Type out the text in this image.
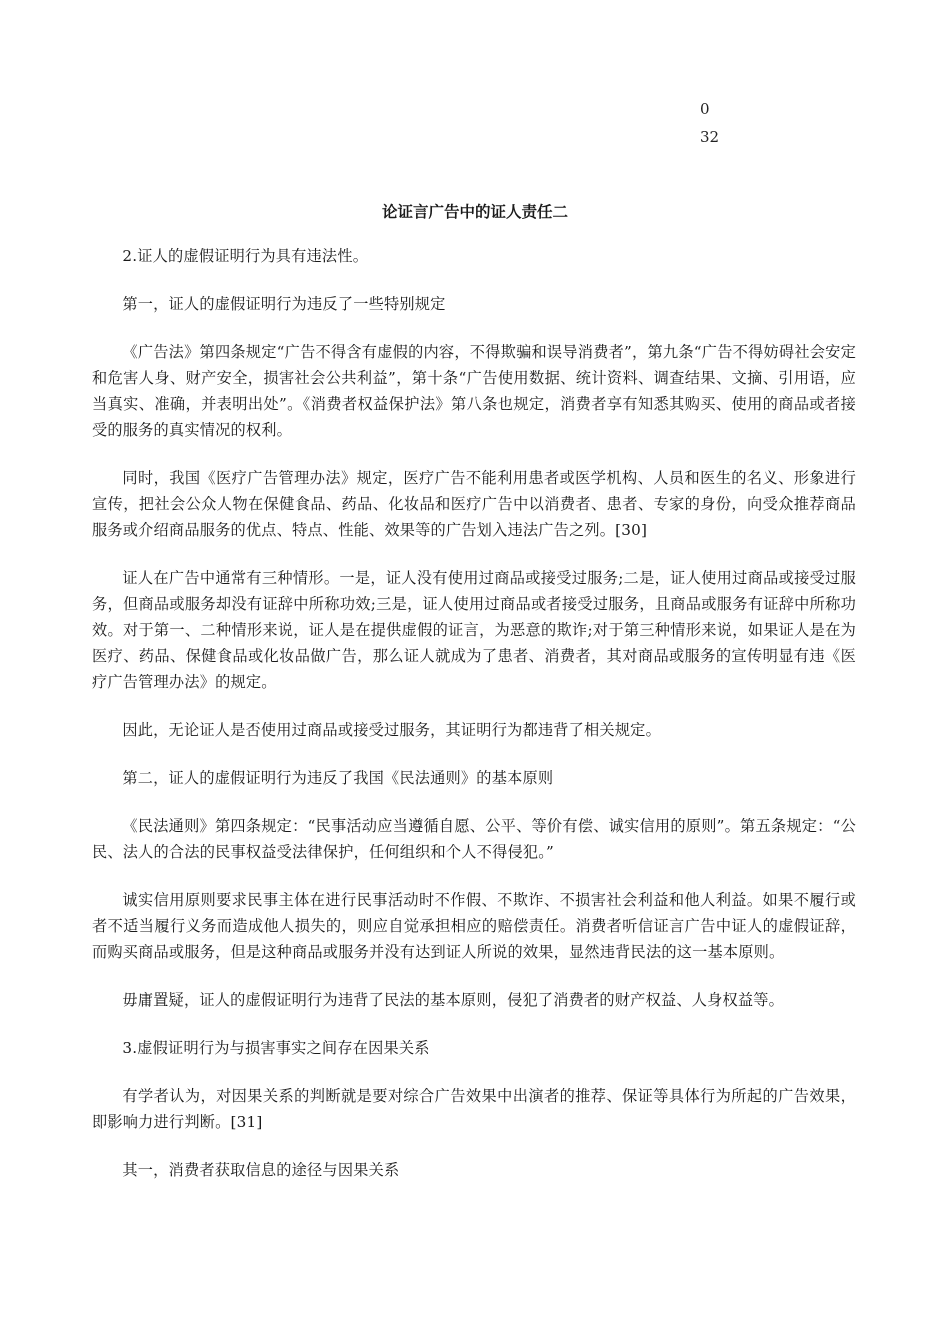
0
32
论证言广告中的证人责任二

2.证人的虚假证明行为具有违法性。

第一，证人的虚假证明行为违反了一些特别规定

《广告法》第四条规定“广告不得含有虚假的内容，不得欺骗和误导消费者”，第九条“广告不得妨碍社会安定和危害人身、财产安全，损害社会公共利益”，第十条“广告使用数据、统计资料、调查结果、文摘、引用语，应当真实、准确，并表明出处”。《消费者权益保护法》第八条也规定，消费者享有知悉其购买、使用的商品或者接受的服务的真实情况的权利。

同时，我国《医疗广告管理办法》规定，医疗广告不能利用患者或医学机构、人员和医生的名义、形象进行宣传，把社会公众人物在保健食品、药品、化妆品和医疗广告中以消费者、患者、专家的身份，向受众推荐商品服务或介绍商品服务的优点、特点、性能、效果等的广告划入违法广告之列。[30]

证人在广告中通常有三种情形。一是，证人没有使用过商品或接受过服务;二是，证人使用过商品或接受过服务，但商品或服务却没有证辞中所称功效;三是，证人使用过商品或者接受过服务，且商品或服务有证辞中所称功效。对于第一、二种情形来说，证人是在提供虚假的证言，为恶意的欺诈;对于第三种情形来说，如果证人是在为医疗、药品、保健食品或化妆品做广告，那么证人就成为了患者、消费者，其对商品或服务的宣传明显有违《医疗广告管理办法》的规定。

因此，无论证人是否使用过商品或接受过服务，其证明行为都违背了相关规定。

第二，证人的虚假证明行为违反了我国《民法通则》的基本原则

《民法通则》第四条规定：“民事活动应当遵循自愿、公平、等价有偿、诚实信用的原则”。第五条规定：“公民、法人的合法的民事权益受法律保护，任何组织和个人不得侵犯。”

诚实信用原则要求民事主体在进行民事活动时不作假、不欺诈、不损害社会利益和他人利益。如果不履行或者不适当履行义务而造成他人损失的，则应自觉承担相应的赔偿责任。消费者听信证言广告中证人的虚假证辞，而购买商品或服务，但是这种商品或服务并没有达到证人所说的效果，显然违背民法的这一基本原则。

毋庸置疑，证人的虚假证明行为违背了民法的基本原则，侵犯了消费者的财产权益、人身权益等。

3.虚假证明行为与损害事实之间存在因果关系

有学者认为，对因果关系的判断就是要对综合广告效果中出演者的推荐、保证等具体行为所起的广告效果，即影响力进行判断。[31]

其一，消费者获取信息的途径与因果关系
